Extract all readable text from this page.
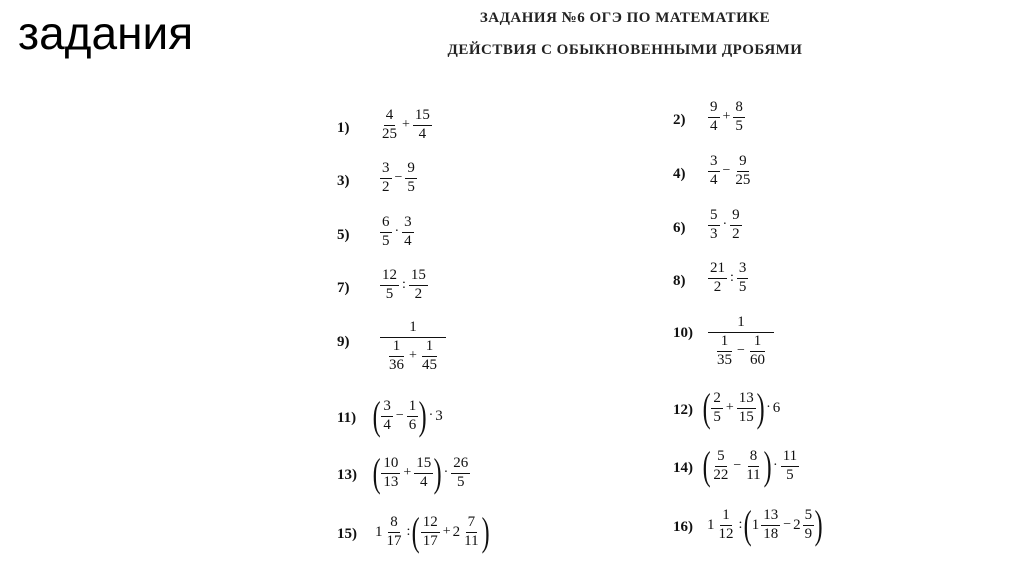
задания	ЗАДАНИЯ №6 ОГЭ ПО МАТЕМАТИКЕ
ДЕЙСТВИЯ С ОБЫКНОВЕННЫМИ ДРОБЯМИ
$1) \frac{4}{25} + \frac{15}{4}$	$2) \frac{9}{4} + \frac{8}{5}$
$3) \frac{3}{2} - \frac{9}{5}$	$4) \frac{3}{4} - \frac{9}{25}$
$5) \frac{6}{5} \cdot \frac{3}{4}$	$6) \frac{5}{3} \cdot \frac{9}{2}$
$7) \frac{12}{5}$ : $\frac{15}{2}$	$8) \frac{21}{2}$ : $\frac{3}{5}$
$9) \frac{1}{\frac{1}{36} + \frac{1}{45}}$	$10) \frac{1}{\frac{1}{35} - \frac{1}{60}}$
11) ( $\frac{3}{4} - \frac{1}{6}$ ) · 3	12) ( $\frac{2}{5} + \frac{13}{15}$ ) · 6
13) ( $\frac{10}{13} + \frac{15}{4}$ ) · $\frac{26}{5}$	14) ( $\frac{5}{22} - \frac{8}{11}$ ) · $\frac{11}{5}$
15) $1 \frac{8}{17}$ : ( $\frac{12}{17} + 2 \frac{7}{11}$ )	16) $1 \frac{1}{12}$ : ( $1 \frac{13}{18} - 2 \frac{5}{9}$ )
